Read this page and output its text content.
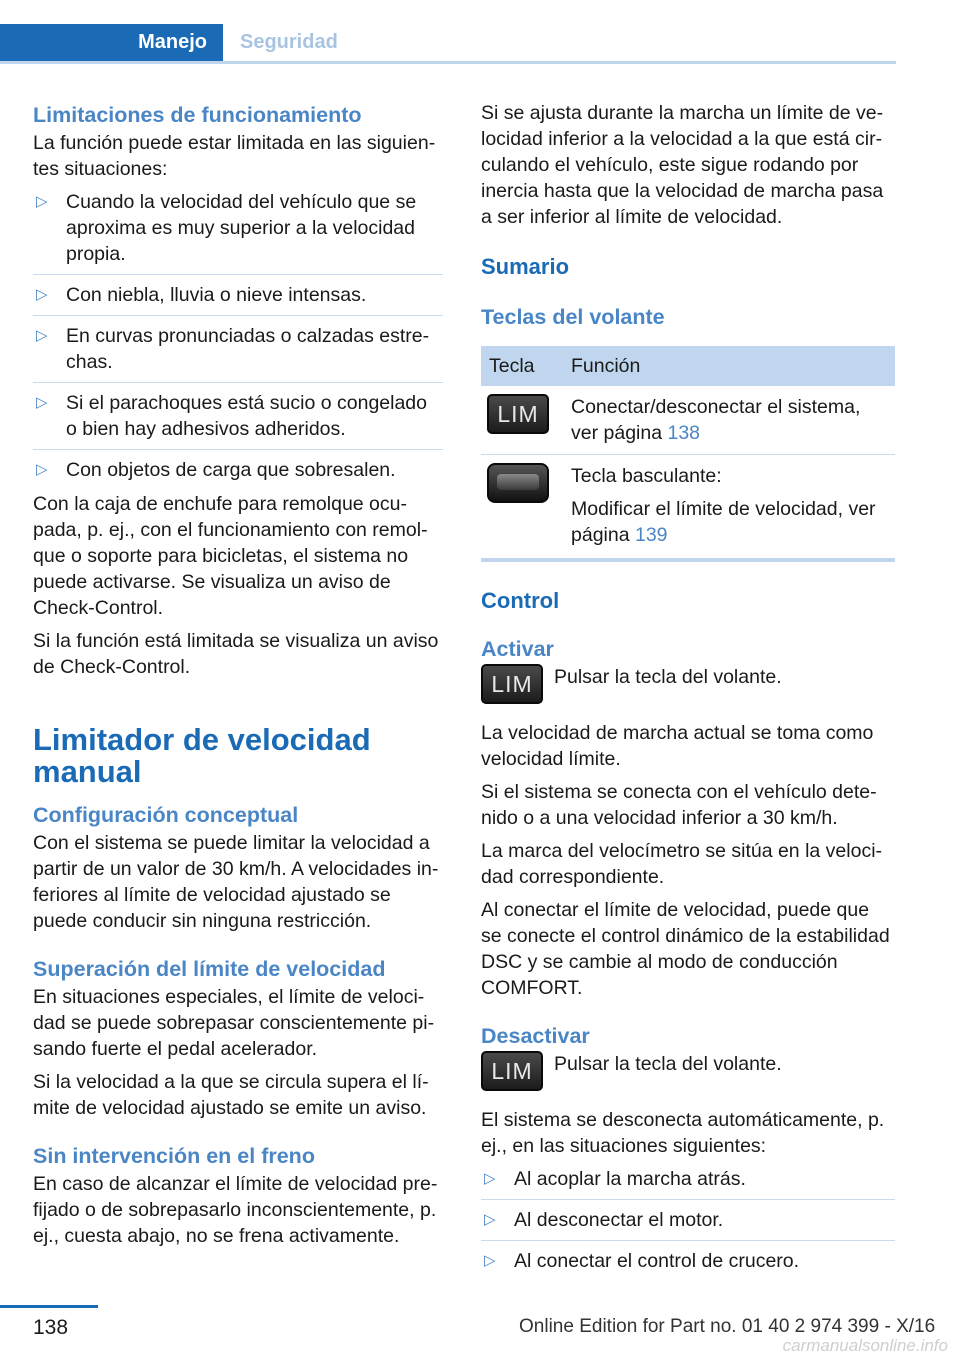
Manejo	Seguridad
Limitaciones de funcionamiento

La función puede estar limitada en las siguientes situaciones:

▷ Cuando la velocidad del vehículo que se aproxima es muy superior a la velocidad propia.
▷ Con niebla, lluvia o nieve intensas.
▷ En curvas pronunciadas o calzadas estrechas.
▷ Si el parachoques está sucio o congelado o bien hay adhesivos adheridos.
▷ Con objetos de carga que sobresalen.

Con la caja de enchufe para remolque ocupada, p. ej., con el funcionamiento con remolque o soporte para bicicletas, el sistema no puede activarse. Se visualiza un aviso de Check-Control.

Si la función está limitada se visualiza un aviso de Check-Control.

Limitador de velocidad manual
Configuración conceptual

Con el sistema se puede limitar la velocidad a partir de un valor de 30 km/h. A velocidades inferiores al límite de velocidad ajustado se puede conducir sin ninguna restricción.

Superación del límite de velocidad

En situaciones especiales, el límite de velocidad se puede sobrepasar conscientemente pisando fuerte el pedal acelerador.

Si la velocidad a la que se circula supera el límite de velocidad ajustado se emite un aviso.

Sin intervención en el freno

En caso de alcanzar el límite de velocidad prefijado o de sobrepasarlo inconscientemente, p. ej., cuesta abajo, no se frena activamente.

Si se ajusta durante la marcha un límite de velocidad inferior a la velocidad a la que está circulando el vehículo, este sigue rodando por inercia hasta que la velocidad de marcha pasa a ser inferior al límite de velocidad.

Sumario
Teclas del volante
Tecla	Función
LIM	Conectar/desconectar el sistema, ver página 138

	Tecla basculante:

Modificar el límite de velocidad, ver página 139
Control
Activar
LIM	Pulsar la tecla del volante.

La velocidad de marcha actual se toma como velocidad límite.

Si el sistema se conecta con el vehículo detenido o a una velocidad inferior a 30 km/h.

La marca del velocímetro se sitúa en la velocidad correspondiente.

Al conectar el límite de velocidad, puede que se conecte el control dinámico de la estabilidad DSC y se cambie al modo de conducción COMFORT.

Desactivar
LIM	Pulsar la tecla del volante.

El sistema se desconecta automáticamente, p. ej., en las situaciones siguientes:

▷ Al acoplar la marcha atrás.
▷ Al desconectar el motor.
▷ Al conectar el control de crucero.
138	Online Edition for Part no. 01 40 2 974 399 - X/16
carmanualsonline.info
